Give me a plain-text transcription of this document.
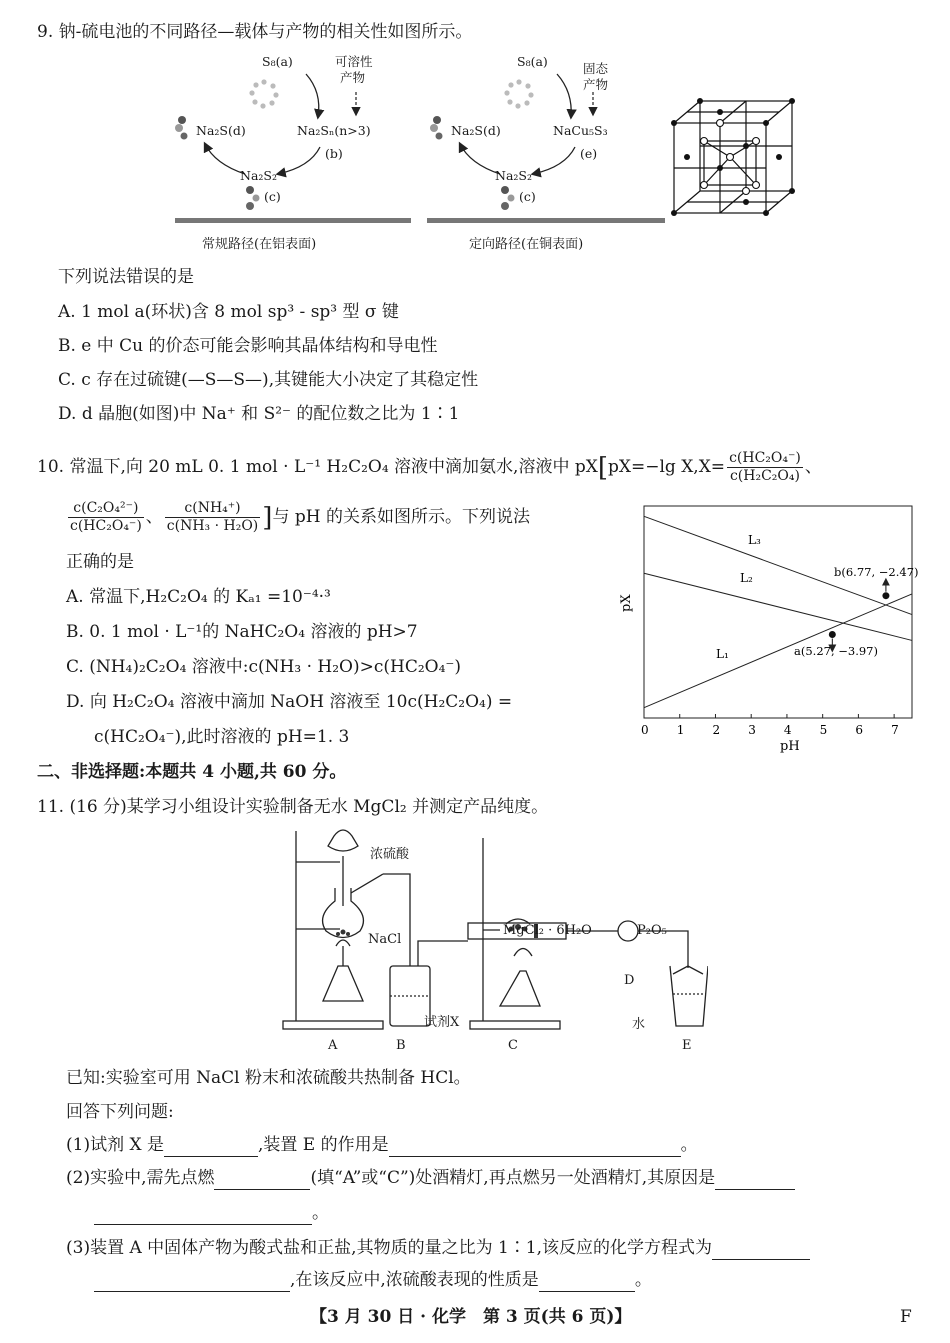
9. 钠-硫电池的不同路径—载体与产物的相关性如图所示。
S₈(a)	可溶性
产物
Na₂S(d)	Na₂Sₙ(n>3)
(b)
Na₂S₂
(c)
常规路径(在铝表面)
S₈(a)	固态
产物
Na₂S(d)	NaCu₅S₃
(e)
Na₂S₂
(c)
定向路径(在铜表面)
下列说法错误的是
A. 1 mol a(环状)含 8 mol sp³ - sp³ 型 σ 键
B. e 中 Cu 的价态可能会影响其晶体结构和导电性
C. c 存在过硫键(—S—S—),其键能大小决定了其稳定性
D. d 晶胞(如图)中 Na⁺ 和 S²⁻ 的配位数之比为 1∶1
10. 常温下,向 20 mL 0. 1 mol · L⁻¹ H₂C₂O₄ 溶液中滴加氨水,溶液中 pX[pX=−lg $X,X= \frac{\text{c(HC₂O₄⁻)}}{\text{c(H₂C₂O₄)}}$ 、
$\frac{\text{c(C₂O₄²⁻)}}{\text{c(HC₂O₄⁻)}}$ 、 $\frac{\text{c(NH₄⁺)}}{\text{c(NH₃ · H₂O)}}$ ]与 pH 的关系如图所示。下列说法
正确的是
A. 常温下,H₂C₂O₄ 的 Kₐ₁ =10⁻⁴·³
B. 0. 1 mol · L⁻¹的 NaHC₂O₄ 溶液的 pH>7
C. (NH₄)₂C₂O₄ 溶液中:c(NH₃ · H₂O)>c(HC₂O₄⁻)
D. 向 H₂C₂O₄ 溶液中滴加 NaOH 溶液至 10c(H₂C₂O₄) =
c(HC₂O₄⁻),此时溶液的 pH=1. 3
pX
pH
0 1 2 3 4 5 6 7
L₁
L₂
L₃
a(5.27, −3.97)
b(6.77, −2.47)
二、非选择题:本题共 4 小题,共 60 分。
11. (16 分)某学习小组设计实验制备无水 MgCl₂ 并测定产品纯度。
浓硫酸
NaCl
试剂X	水
A	B	C
D
E
P₂O₅
MgCl₂ · 6H₂O
已知:实验室可用 NaCl 粉末和浓硫酸共热制备 HCl。
回答下列问题:
(1)试剂 X 是	,装置 E 的作用是	。
(2)实验中,需先点燃	(填“A”或“C”)处酒精灯,再点燃另一处酒精灯,其原因是
。
(3)装置 A 中固体产物为酸式盐和正盐,其物质的量之比为 1∶1,该反应的化学方程式为
,在该反应中,浓硫酸表现的性质是	。
【3 月 30 日 · 化学　第 3 页(共 6 页)】	F
